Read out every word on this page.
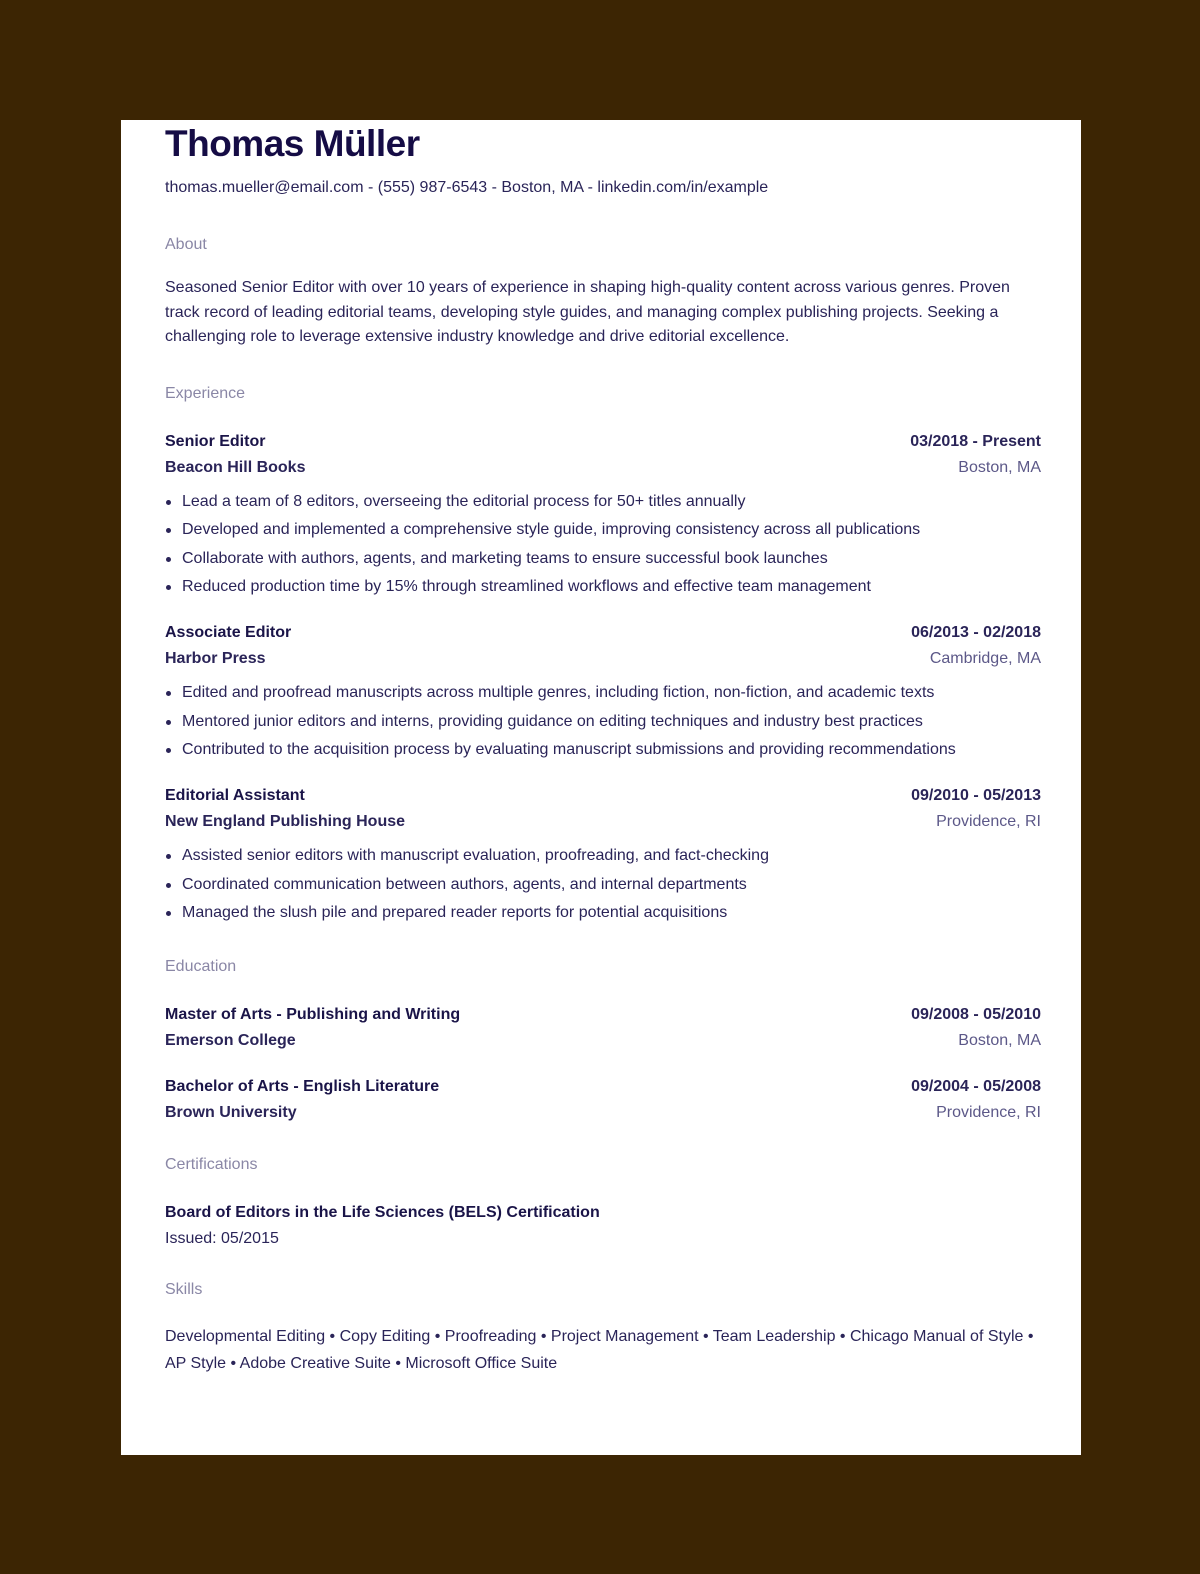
Thomas Müller
thomas.mueller@email.com - (555) 987-6543 - Boston, MA - linkedin.com/in/example
About
Seasoned Senior Editor with over 10 years of experience in shaping high-quality content across various genres. Proven track record of leading editorial teams, developing style guides, and managing complex publishing projects. Seeking a challenging role to leverage extensive industry knowledge and drive editorial excellence.
Experience
Senior Editor	03/2018 - Present
Beacon Hill Books	Boston, MA
Lead a team of 8 editors, overseeing the editorial process for 50+ titles annually
Developed and implemented a comprehensive style guide, improving consistency across all publications
Collaborate with authors, agents, and marketing teams to ensure successful book launches
Reduced production time by 15% through streamlined workflows and effective team management
Associate Editor	06/2013 - 02/2018
Harbor Press	Cambridge, MA
Edited and proofread manuscripts across multiple genres, including fiction, non-fiction, and academic texts
Mentored junior editors and interns, providing guidance on editing techniques and industry best practices
Contributed to the acquisition process by evaluating manuscript submissions and providing recommendations
Editorial Assistant	09/2010 - 05/2013
New England Publishing House	Providence, RI
Assisted senior editors with manuscript evaluation, proofreading, and fact-checking
Coordinated communication between authors, agents, and internal departments
Managed the slush pile and prepared reader reports for potential acquisitions
Education
Master of Arts - Publishing and Writing	09/2008 - 05/2010
Emerson College	Boston, MA
Bachelor of Arts - English Literature	09/2004 - 05/2008
Brown University	Providence, RI
Certifications
Board of Editors in the Life Sciences (BELS) Certification
Issued: 05/2015
Skills
Developmental Editing • Copy Editing • Proofreading • Project Management • Team Leadership • Chicago Manual of Style • AP Style • Adobe Creative Suite • Microsoft Office Suite
